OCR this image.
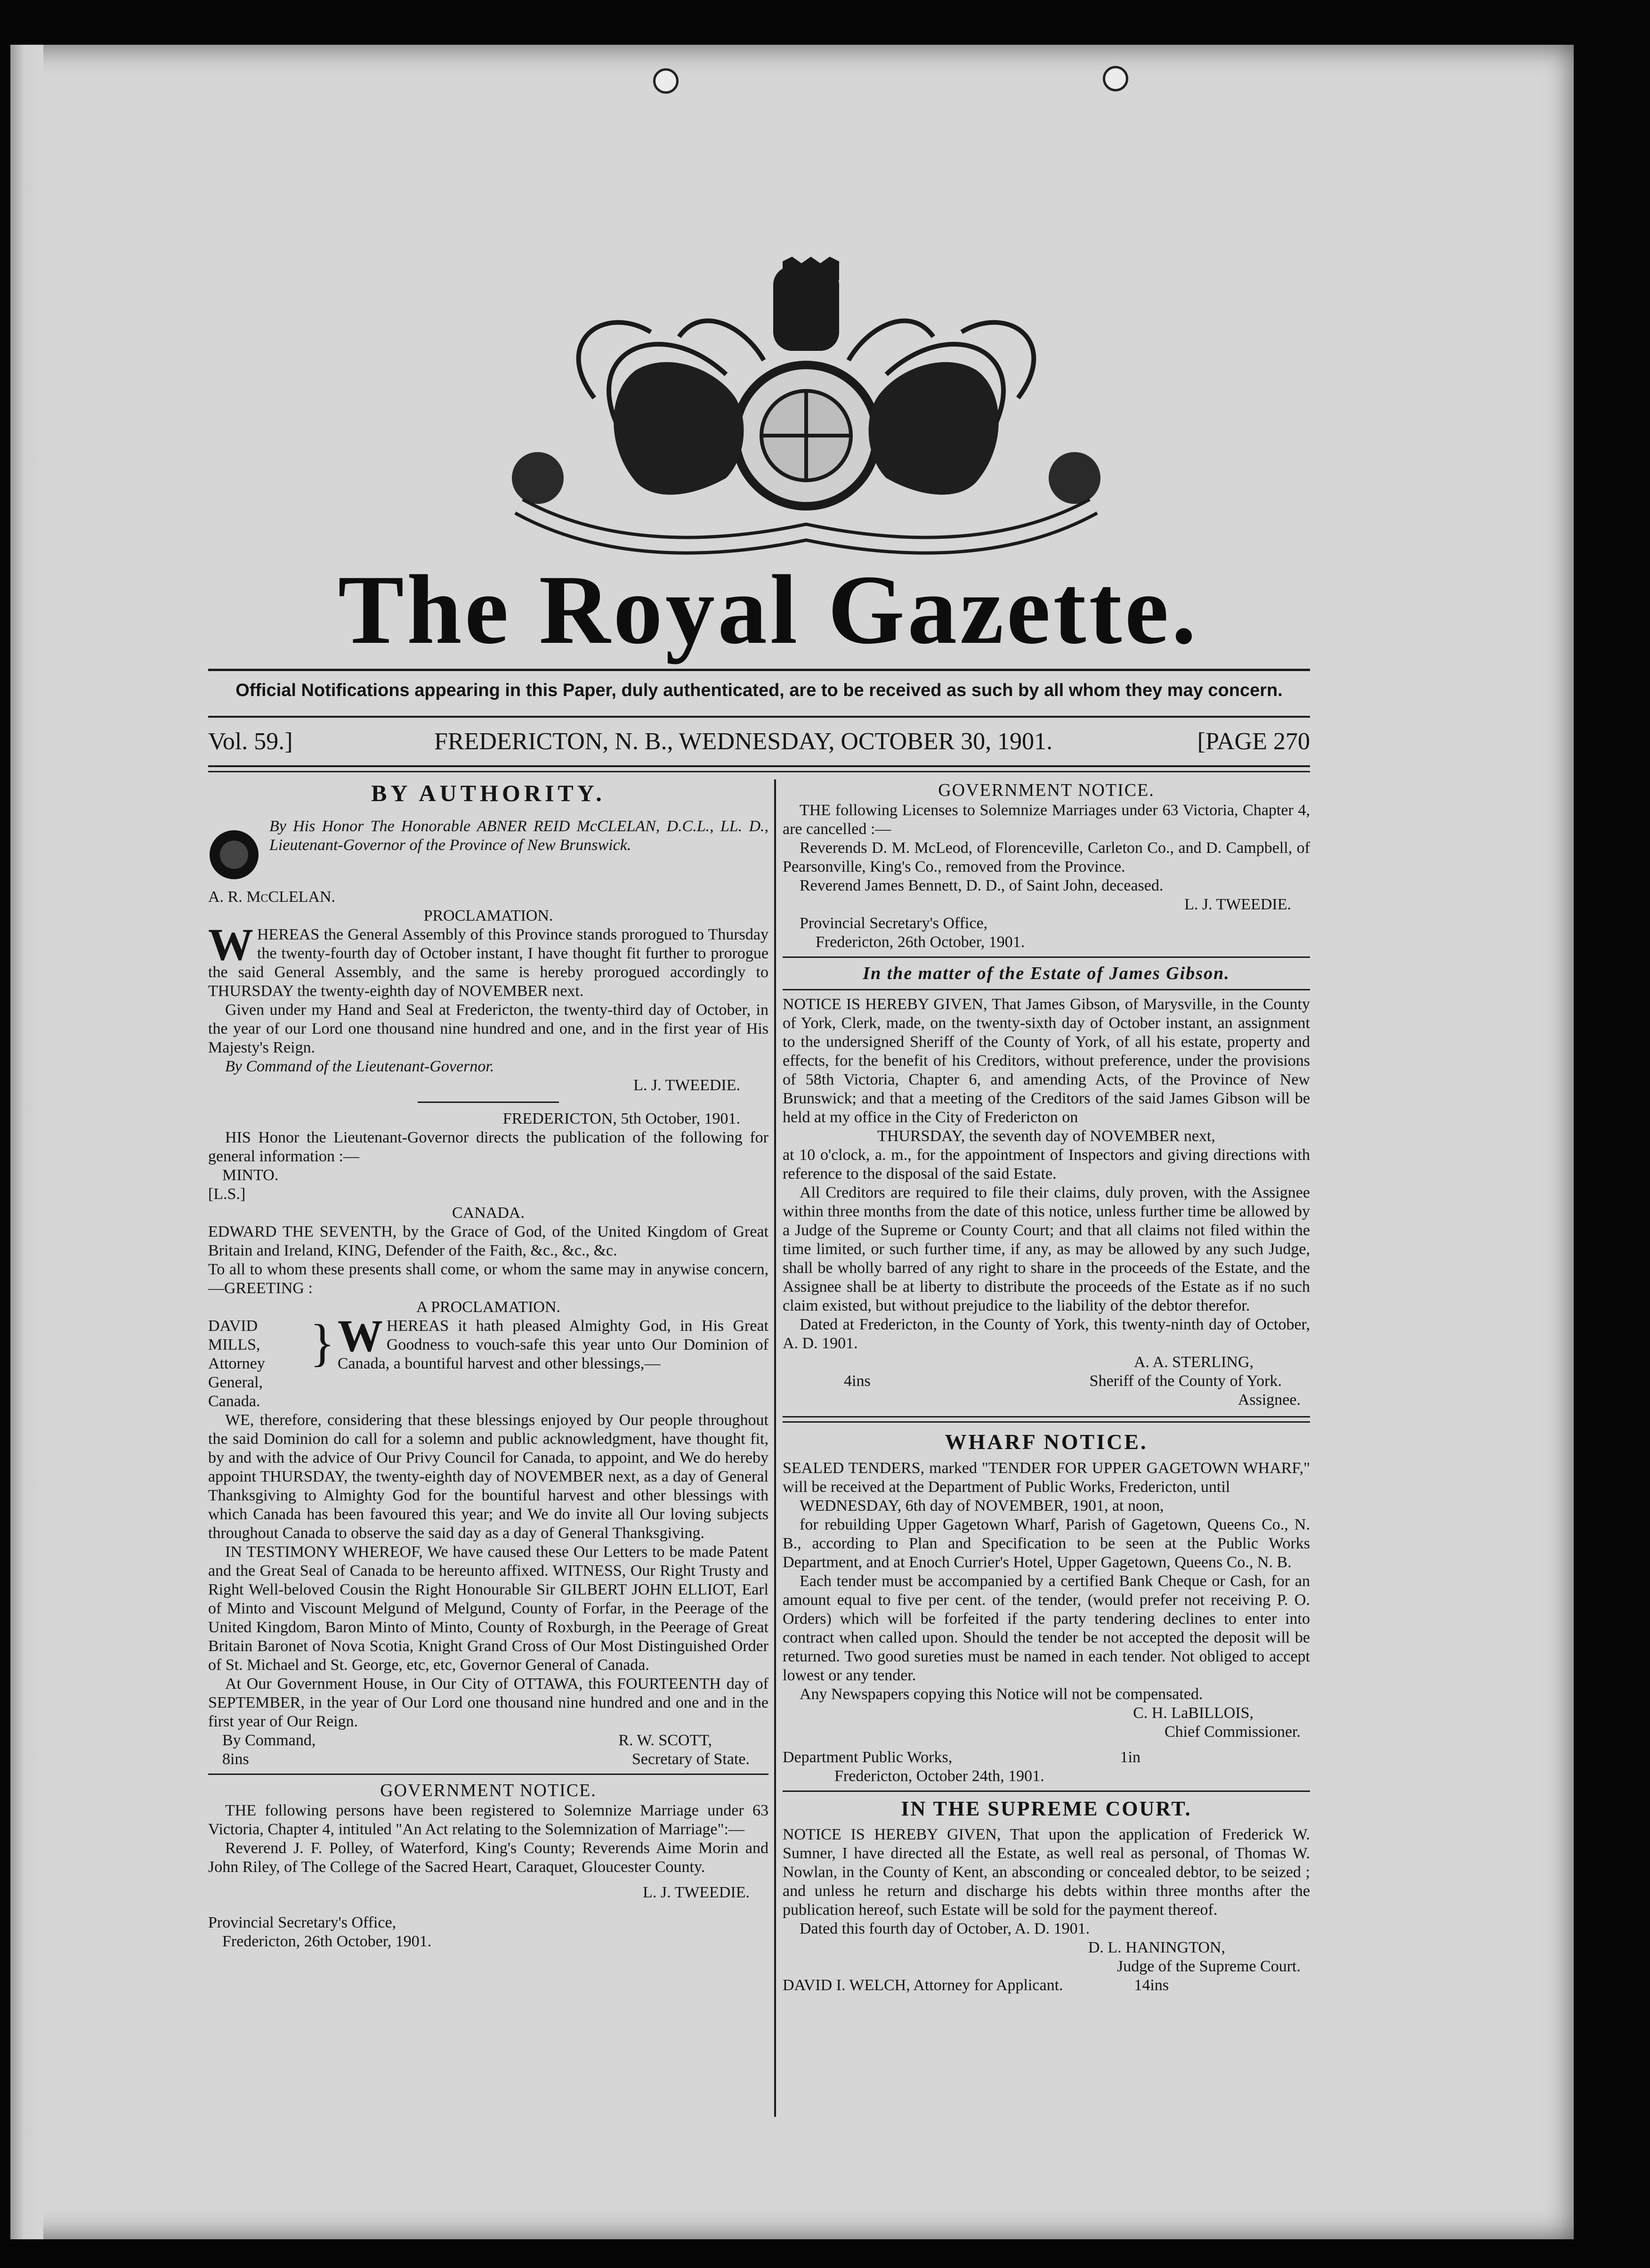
The Royal Gazette.
Official Notifications appearing in this Paper, duly authenticated, are to be received as such by all whom they may concern.
Vol. 59.]	FREDERICTON, N. B., WEDNESDAY, OCTOBER 30, 1901.	[PAGE 270

BY AUTHORITY.

By His Honor The Honorable ABNER REID McCLELAN, D.C.L., LL. D., Lieutenant-Governor of the Province of New Brunswick.

A. R. McCLELAN.

PROCLAMATION.

WHEREAS the General Assembly of this Province stands prorogued to Thursday the twenty-fourth day of October instant, I have thought fit further to prorogue the said General Assembly, and the same is hereby prorogued accordingly to THURSDAY the twenty-eighth day of NOVEMBER next.

Given under my Hand and Seal at Fredericton, the twenty-third day of October, in the year of our Lord one thousand nine hundred and one, and in the first year of His Majesty's Reign.

By Command of the Lieutenant-Governor.

L. J. TWEEDIE.

FREDERICTON, 5th October, 1901.

HIS Honor the Lieutenant-Governor directs the publication of the following for general information :—

MINTO.

[L.S.]

CANADA.

EDWARD THE SEVENTH, by the Grace of God, of the United Kingdom of Great Britain and Ireland, KING, Defender of the Faith, &c., &c., &c.

To all to whom these presents shall come, or whom the same may in anywise concern,—GREETING :

A PROCLAMATION.

DAVID MILLS, Attorney General, Canada.
} WHEREAS it hath pleased Almighty God, in His Great Goodness to vouch-safe this year unto Our Dominion of Canada, a bountiful harvest and other blessings,—

WE, therefore, considering that these blessings enjoyed by Our people throughout the said Dominion do call for a solemn and public acknowledgment, have thought fit, by and with the advice of Our Privy Council for Canada, to appoint, and We do hereby appoint THURSDAY, the twenty-eighth day of NOVEMBER next, as a day of General Thanksgiving to Almighty God for the bountiful harvest and other blessings with which Canada has been favoured this year; and We do invite all Our loving subjects throughout Canada to observe the said day as a day of General Thanksgiving.

IN TESTIMONY WHEREOF, We have caused these Our Letters to be made Patent and the Great Seal of Canada to be hereunto affixed. WITNESS, Our Right Trusty and Right Well-beloved Cousin the Right Honourable Sir GILBERT JOHN ELLIOT, Earl of Minto and Viscount Melgund of Melgund, County of Forfar, in the Peerage of the United Kingdom, Baron Minto of Minto, County of Roxburgh, in the Peerage of Great Britain Baronet of Nova Scotia, Knight Grand Cross of Our Most Distinguished Order of St. Michael and St. George, etc, etc, Governor General of Canada.

At Our Government House, in Our City of OTTAWA, this FOURTEENTH day of SEPTEMBER, in the year of Our Lord one thousand nine hundred and one and in the first year of Our Reign.

By Command,	R. W. SCOTT,
8ins	Secretary of State.

GOVERNMENT NOTICE.

THE following persons have been registered to Solemnize Marriage under 63 Victoria, Chapter 4, intituled "An Act relating to the Solemnization of Marriage":—

Reverend J. F. Polley, of Waterford, King's County; Reverends Aime Morin and John Riley, of The College of the Sacred Heart, Caraquet, Gloucester County.

L. J. TWEEDIE.

Provincial Secretary's Office,

Fredericton, 26th October, 1901.

GOVERNMENT NOTICE.

THE following Licenses to Solemnize Marriages under 63 Victoria, Chapter 4, are cancelled :—

Reverends D. M. McLeod, of Florenceville, Carleton Co., and D. Campbell, of Pearsonville, King's Co., removed from the Province.

Reverend James Bennett, D. D., of Saint John, deceased.

L. J. TWEEDIE.

Provincial Secretary's Office,

Fredericton, 26th October, 1901.

In the matter of the Estate of James Gibson.

NOTICE IS HEREBY GIVEN, That James Gibson, of Marysville, in the County of York, Clerk, made, on the twenty-sixth day of October instant, an assignment to the undersigned Sheriff of the County of York, of all his estate, property and effects, for the benefit of his Creditors, without preference, under the provisions of 58th Victoria, Chapter 6, and amending Acts, of the Province of New Brunswick; and that a meeting of the Creditors of the said James Gibson will be held at my office in the City of Fredericton on

THURSDAY, the seventh day of NOVEMBER next,

at 10 o'clock, a. m., for the appointment of Inspectors and giving directions with reference to the disposal of the said Estate.

All Creditors are required to file their claims, duly proven, with the Assignee within three months from the date of this notice, unless further time be allowed by a Judge of the Supreme or County Court; and that all claims not filed within the time limited, or such further time, if any, as may be allowed by any such Judge, shall be wholly barred of any right to share in the proceeds of the Estate, and the Assignee shall be at liberty to distribute the proceeds of the Estate as if no such claim existed, but without prejudice to the liability of the debtor therefor.

Dated at Fredericton, in the County of York, this twenty-ninth day of October, A. D. 1901.

A. A. STERLING,

4ins	Sheriff of the County of York.

Assignee.

WHARF NOTICE.

SEALED TENDERS, marked "TENDER FOR UPPER GAGETOWN WHARF," will be received at the Department of Public Works, Fredericton, until

WEDNESDAY, 6th day of NOVEMBER, 1901, at noon,

for rebuilding Upper Gagetown Wharf, Parish of Gagetown, Queens Co., N. B., according to Plan and Specification to be seen at the Public Works Department, and at Enoch Currier's Hotel, Upper Gagetown, Queens Co., N. B.

Each tender must be accompanied by a certified Bank Cheque or Cash, for an amount equal to five per cent. of the tender, (would prefer not receiving P. O. Orders) which will be forfeited if the party tendering declines to enter into contract when called upon. Should the tender be not accepted the deposit will be returned. Two good sureties must be named in each tender. Not obliged to accept lowest or any tender.

Any Newspapers copying this Notice will not be compensated.

C. H. LaBILLOIS,

Chief Commissioner.

Department Public Works,	1in

Fredericton, October 24th, 1901.

IN THE SUPREME COURT.

NOTICE IS HEREBY GIVEN, That upon the application of Frederick W. Sumner, I have directed all the Estate, as well real as personal, of Thomas W. Nowlan, in the County of Kent, an absconding or concealed debtor, to be seized ; and unless he return and discharge his debts within three months after the publication hereof, such Estate will be sold for the payment thereof.

Dated this fourth day of October, A. D. 1901.

D. L. HANINGTON,

Judge of the Supreme Court.

DAVID I. WELCH, Attorney for Applicant.	14ins
